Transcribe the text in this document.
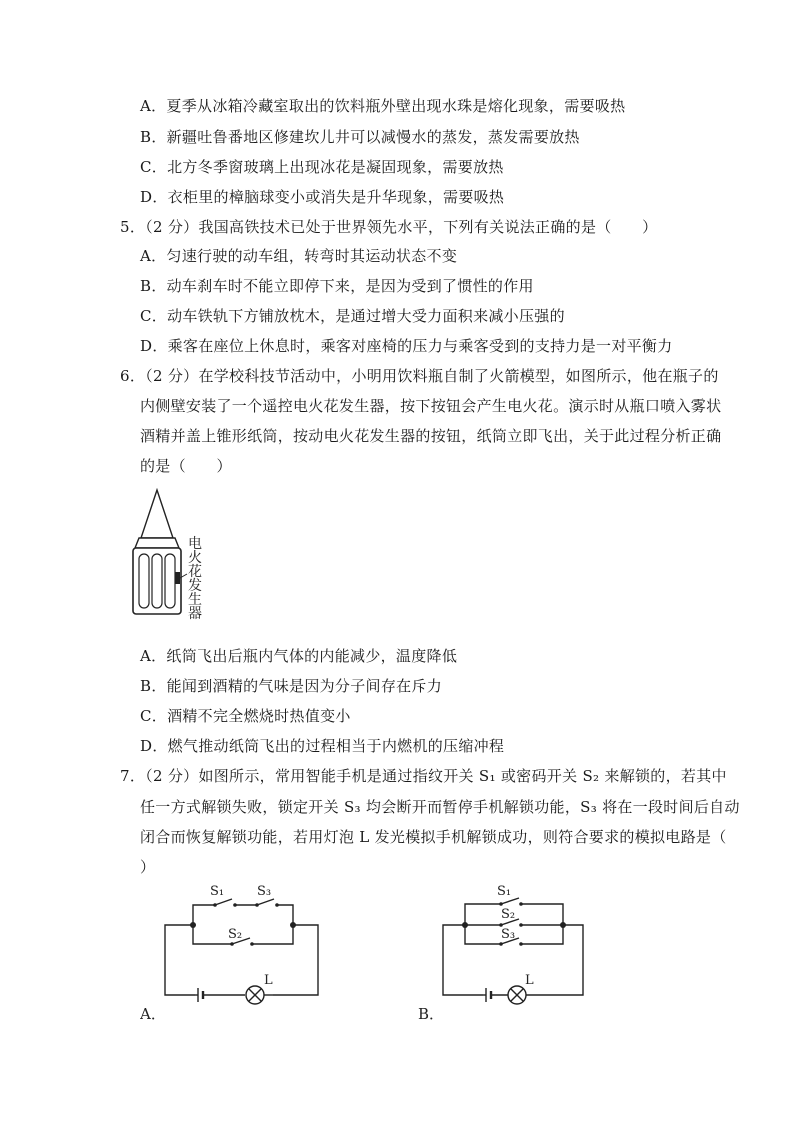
A．夏季从冰箱冷藏室取出的饮料瓶外壁出现水珠是熔化现象，需要吸热
B．新疆吐鲁番地区修建坎儿井可以减慢水的蒸发，蒸发需要放热
C．北方冬季窗玻璃上出现冰花是凝固现象，需要放热
D．衣柜里的樟脑球变小或消失是升华现象，需要吸热
5．（2 分）我国高铁技术已处于世界领先水平，下列有关说法正确的是（　　）
A．匀速行驶的动车组，转弯时其运动状态不变
B．动车刹车时不能立即停下来，是因为受到了惯性的作用
C．动车铁轨下方铺放枕木，是通过增大受力面积来减小压强的
D．乘客在座位上休息时，乘客对座椅的压力与乘客受到的支持力是一对平衡力
6．（2 分）在学校科技节活动中，小明用饮料瓶自制了火箭模型，如图所示，他在瓶子的
内侧壁安装了一个遥控电火花发生器，按下按钮会产生电火花。演示时从瓶口喷入雾状
酒精并盖上锥形纸筒，按动电火花发生器的按钮，纸筒立即飞出，关于此过程分析正确
的是（　　）
电
火
花
发
生
器
A．纸筒飞出后瓶内气体的内能减少，温度降低
B．能闻到酒精的气味是因为分子间存在斥力
C．酒精不完全燃烧时热值变小
D．燃气推动纸筒飞出的过程相当于内燃机的压缩冲程
7．（2 分）如图所示，常用智能手机是通过指纹开关 S₁ 或密码开关 S₂ 来解锁的，若其中
任一方式解锁失败，锁定开关 S₃ 均会断开而暂停手机解锁功能，S₃ 将在一段时间后自动
闭合而恢复解锁功能，若用灯泡 L 发光模拟手机解锁成功，则符合要求的模拟电路是（
）
S₁	S₃
S₂
L
A．
S₁
S₂
S₃
L
B．
